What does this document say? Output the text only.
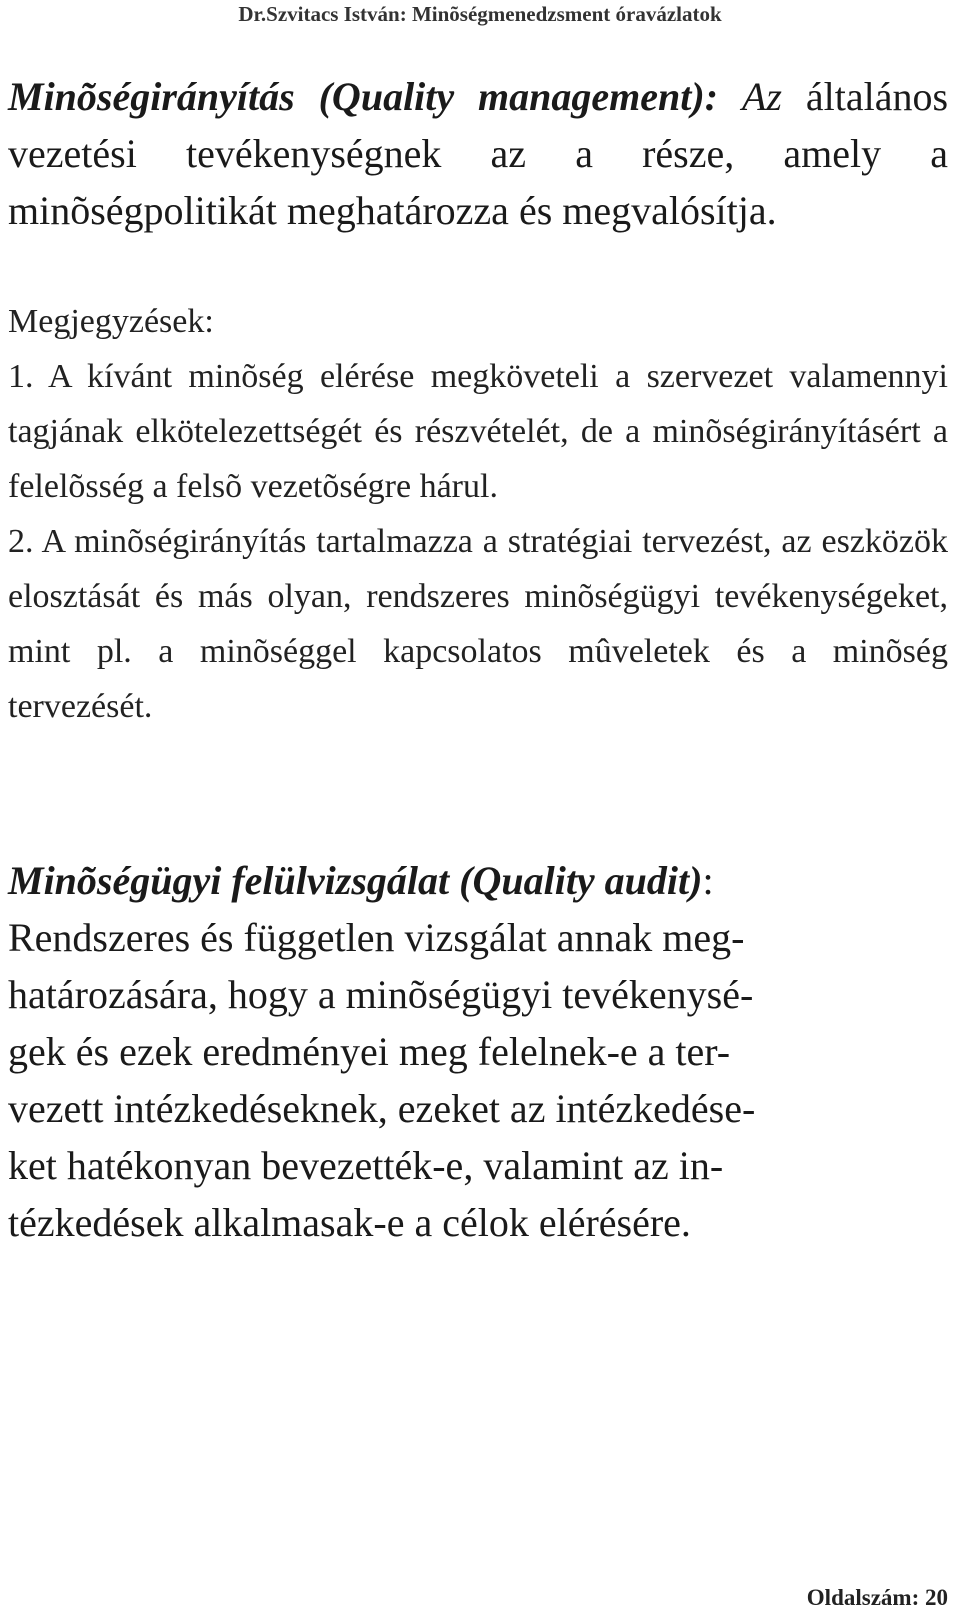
Dr.Szvitacs István: Minõségmenedzsment óravázlatok
Minõségirányítás (Quality management): Az általános vezetési tevékenységnek az a része, amely a minõségpolitikát meghatározza és megvalósítja.
Megjegyzések:
1. A kívánt minõség elérése megköveteli a szervezet valamennyi tagjának elkötelezettségét és részvételét, de a minõségirányításért a felelõsség a felsõ vezetõségre hárul.
2. A minõségirányítás tartalmazza a stratégiai tervezést, az eszközök elosztását és más olyan, rendszeres minõségügyi tevékenységeket, mint pl. a minõséggel kapcsolatos mûveletek és a minõség tervezését.
Minõségügyi felülvizsgálat (Quality audit):
Rendszeres és független vizsgálat annak meg-
határozására, hogy a minõségügyi tevékenysé-
gek és ezek eredményei meg felelnek-e a ter-
vezett intézkedéseknek, ezeket az intézkedése-
ket hatékonyan bevezették-e, valamint az in-
tézkedések alkalmasak-e a célok elérésére.
Oldalszám: 20
